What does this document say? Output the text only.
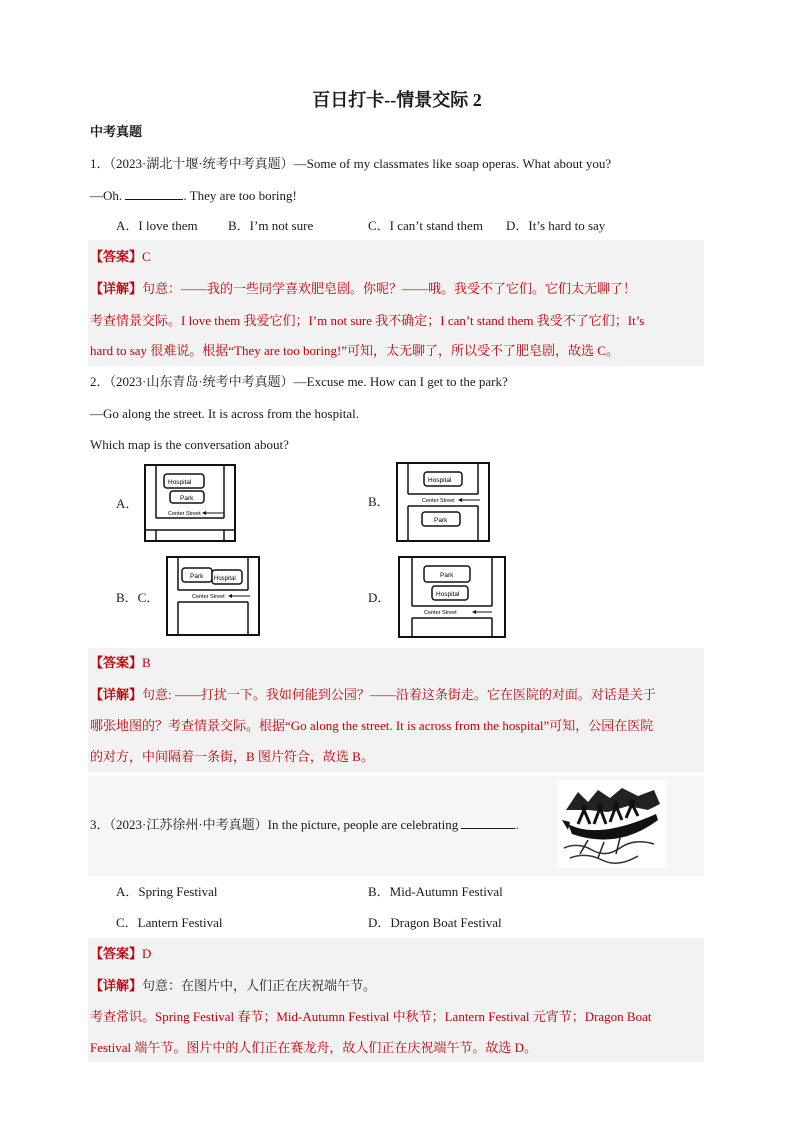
百日打卡--情景交际 2
中考真题
1．（2023·湖北十堰·统考中考真题）—Some of my classmates like soap operas. What about you?
—Oh.	. They are too boring!
A．I love them B．I’m not sure	C．I can’t stand them D．It’s hard to say
【答案】C
【详解】句意：——我的一些同学喜欢肥皂剧。你呢？——哦。我受不了它们。它们太无聊了！
考查情景交际。I love them 我爱它们；I’m not sure 我不确定；I can’t stand them 我受不了它们；It’s
hard to say 很难说。根据“They are too boring!”可知，太无聊了，所以受不了肥皂剧，故选 C。
2．（2023·山东青岛·统考中考真题）—Excuse me. How can I get to the park?
—Go along the street. It is across from the hospital.
Which map is the conversation about?
A．	B．
B．C．	D．
Hospital
Park
Center Street
Hospital
Center Street
Park
Park Hospital
Center Street
Park
Hospital
Center Street
【答案】B
【详解】句意: ——打扰一下。我如何能到公园？——沿着这条街走。它在医院的对面。对话是关于
哪张地图的？考查情景交际。根据“Go along the street. It is across from the hospital”可知，公园在医院
的对方，中间隔着一条街，B 图片符合，故选 B。
3．（2023·江苏徐州·中考真题）In the picture, people are celebrating	.
A．Spring Festival	B．Mid-Autumn Festival
C．Lantern Festival	D．Dragon Boat Festival
【答案】D
【详解】句意：在图片中，人们正在庆祝端午节。
考查常识。Spring Festival 春节；Mid-Autumn Festival 中秋节；Lantern Festival 元宵节；Dragon Boat
Festival 端午节。图片中的人们正在赛龙舟，故人们正在庆祝端午节。故选 D。
